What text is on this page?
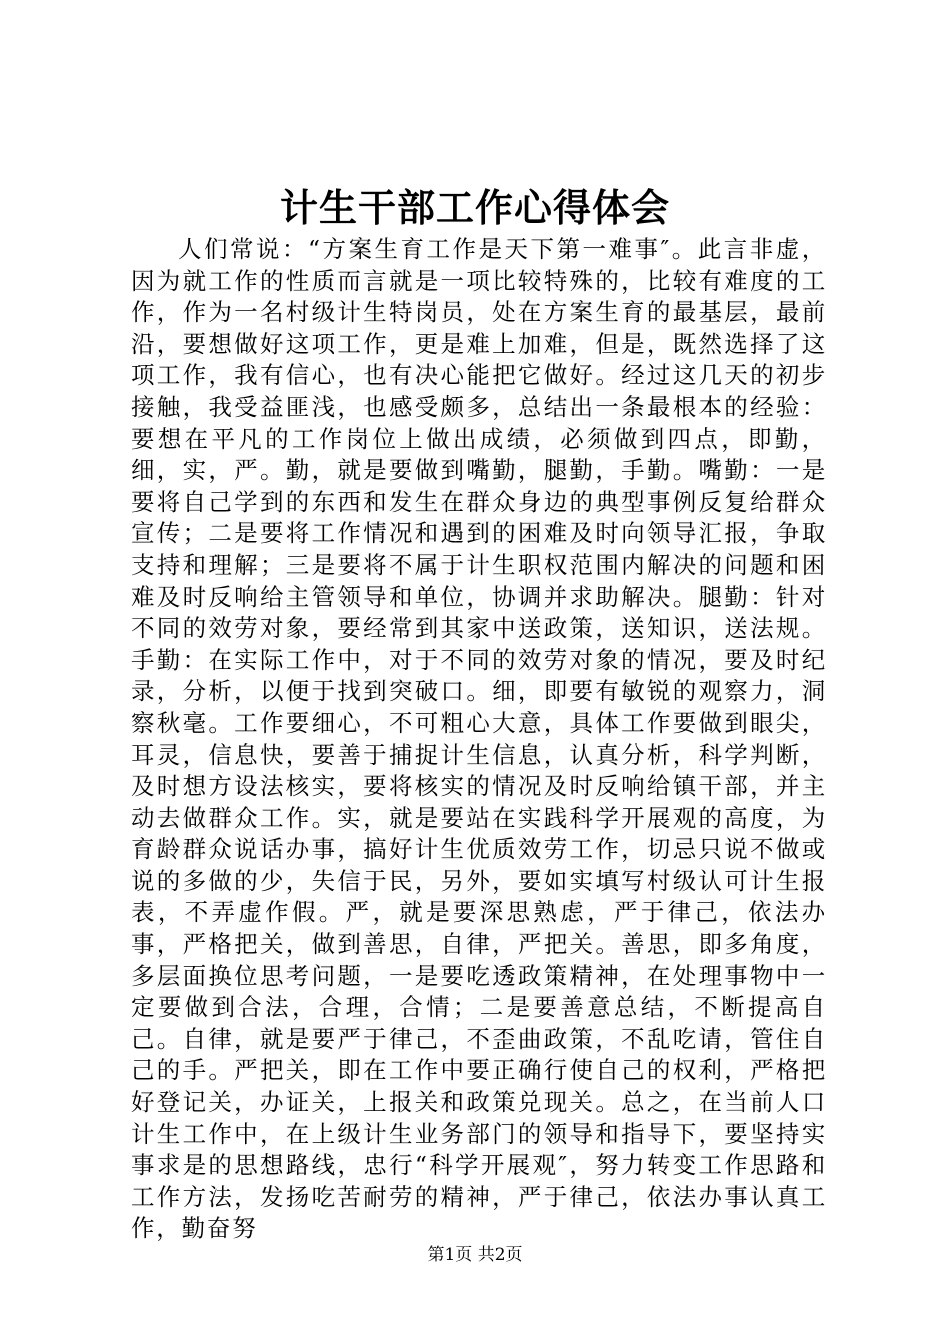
计生干部工作心得体会

人们常说：“方案生育工作是天下第一难事″。此言非虚，因为就工作的性质而言就是一项比较特殊的，比较有难度的工作，作为一名村级计生特岗员，处在方案生育的最基层，最前沿，要想做好这项工作，更是难上加难，但是，既然选择了这项工作，我有信心，也有决心能把它做好。经过这几天的初步接触，我受益匪浅，也感受颇多，总结出一条最根本的经验：要想在平凡的工作岗位上做出成绩，必须做到四点，即勤，细，实，严。勤，就是要做到嘴勤，腿勤，手勤。嘴勤：一是要将自己学到的东西和发生在群众身边的典型事例反复给群众宣传；二是要将工作情况和遇到的困难及时向领导汇报，争取支持和理解；三是要将不属于计生职权范围内解决的问题和困难及时反响给主管领导和单位，协调并求助解决。腿勤：针对不同的效劳对象，要经常到其家中送政策，送知识，送法规。手勤：在实际工作中，对于不同的效劳对象的情况，要及时纪录，分析，以便于找到突破口。细，即要有敏锐的观察力，洞察秋毫。工作要细心，不可粗心大意，具体工作要做到眼尖，耳灵，信息快，要善于捕捉计生信息，认真分析，科学判断，及时想方设法核实，要将核实的情况及时反响给镇干部，并主动去做群众工作。实，就是要站在实践科学开展观的高度，为育龄群众说话办事，搞好计生优质效劳工作，切忌只说不做或说的多做的少，失信于民，另外，要如实填写村级认可计生报表，不弄虚作假。严，就是要深思熟虑，严于律己，依法办事，严格把关，做到善思，自律，严把关。善思，即多角度，多层面换位思考问题，一是要吃透政策精神，在处理事物中一定要做到合法，合理，合情；二是要善意总结，不断提高自己。自律，就是要严于律己，不歪曲政策，不乱吃请，管住自己的手。严把关，即在工作中要正确行使自己的权利，严格把好登记关，办证关，上报关和政策兑现关。总之，在当前人口计生工作中，在上级计生业务部门的领导和指导下，要坚持实事求是的思想路线，忠行“科学开展观″，努力转变工作思路和工作方法，发扬吃苦耐劳的精神，严于律己，依法办事认真工作，勤奋努

第1页 共2页
